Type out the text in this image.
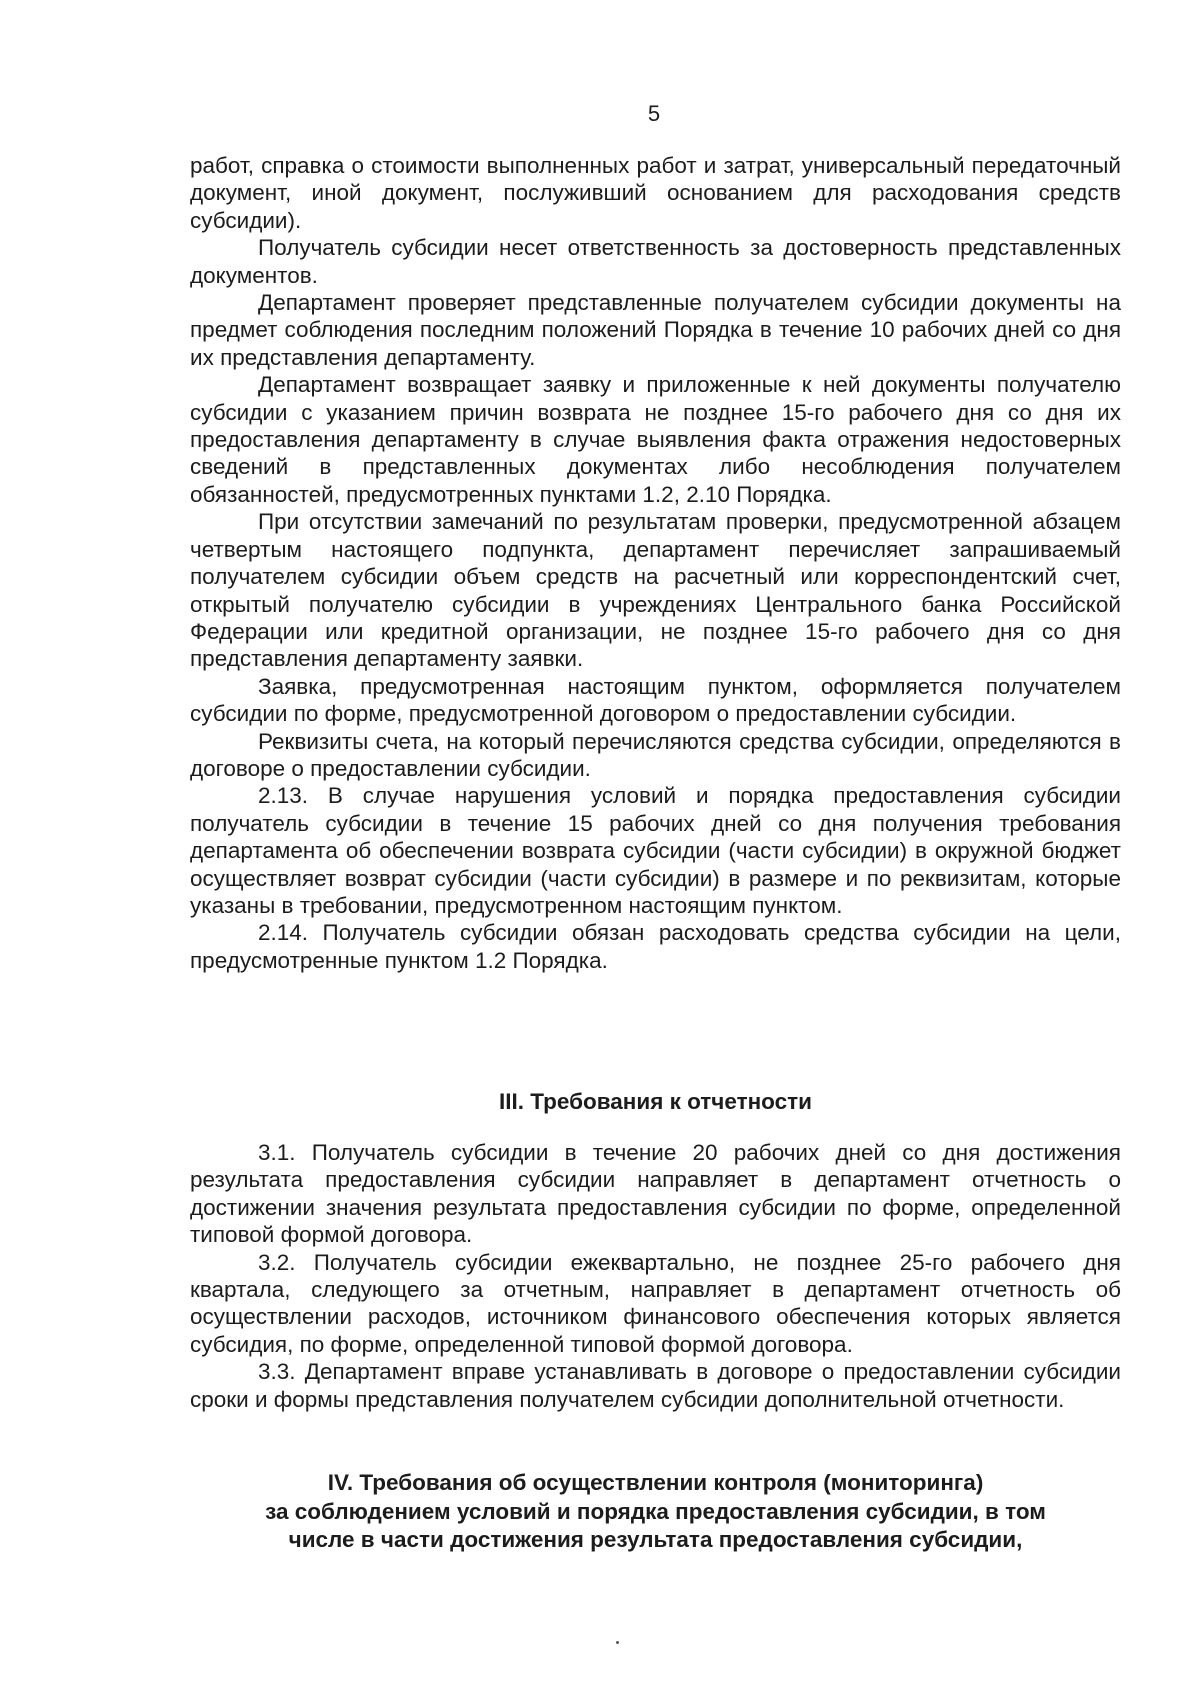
5

работ, справка о стоимости выполненных работ и затрат, универсальный передаточный документ, иной документ, послуживший основанием для расходования средств субсидии).

Получатель субсидии несет ответственность за достоверность представленных документов.

Департамент проверяет представленные получателем субсидии документы на предмет соблюдения последним положений Порядка в течение 10 рабочих дней со дня их представления департаменту.

Департамент возвращает заявку и приложенные к ней документы получателю субсидии с указанием причин возврата не позднее 15-го рабочего дня со дня их предоставления департаменту в случае выявления факта отражения недостоверных сведений в представленных документах либо несоблюдения получателем обязанностей, предусмотренных пунктами 1.2, 2.10 Порядка.

При отсутствии замечаний по результатам проверки, предусмотренной абзацем четвертым настоящего подпункта, департамент перечисляет запрашиваемый получателем субсидии объем средств на расчетный или корреспондентский счет, открытый получателю субсидии в учреждениях Центрального банка Российской Федерации или кредитной организации, не позднее 15-го рабочего дня со дня представления департаменту заявки.

Заявка, предусмотренная настоящим пунктом, оформляется получателем субсидии по форме, предусмотренной договором о предоставлении субсидии.

Реквизиты счета, на который перечисляются средства субсидии, определяются в договоре о предоставлении субсидии.

2.13. В случае нарушения условий и порядка предоставления субсидии получатель субсидии в течение 15 рабочих дней со дня получения требования департамента об обеспечении возврата субсидии (части субсидии) в окружной бюджет осуществляет возврат субсидии (части субсидии) в размере и по реквизитам, которые указаны в требовании, предусмотренном настоящим пунктом.

2.14. Получатель субсидии обязан расходовать средства субсидии на цели, предусмотренные пунктом 1.2 Порядка.

III. Требования к отчетности

3.1. Получатель субсидии в течение 20 рабочих дней со дня достижения результата предоставления субсидии направляет в департамент отчетность о достижении значения результата предоставления субсидии по форме, определенной типовой формой договора.

3.2. Получатель субсидии ежеквартально, не позднее 25-го рабочего дня квартала, следующего за отчетным, направляет в департамент отчетность об осуществлении расходов, источником финансового обеспечения которых является субсидия, по форме, определенной типовой формой договора.

3.3. Департамент вправе устанавливать в договоре о предоставлении субсидии сроки и формы представления получателем субсидии дополнительной отчетности.

IV. Требования об осуществлении контроля (мониторинга)
за соблюдением условий и порядка предоставления субсидии, в том
числе в части достижения результата предоставления субсидии,
